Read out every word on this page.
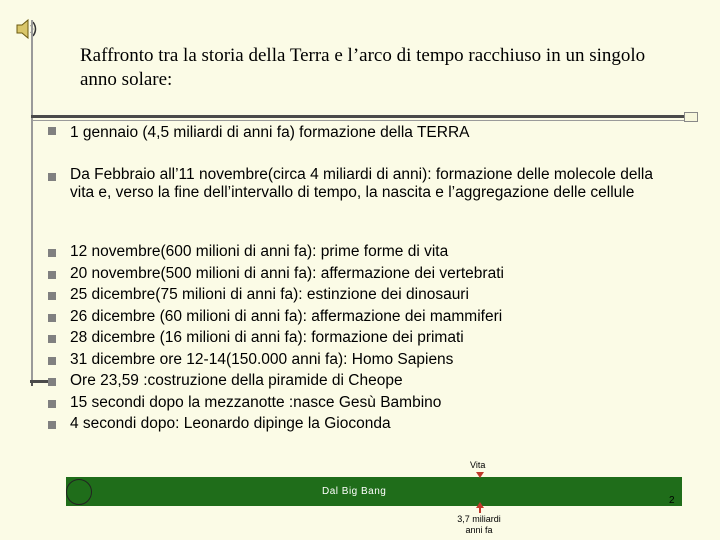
Raffronto tra la storia della Terra e l’arco di tempo racchiuso in un singolo anno solare:
1 gennaio (4,5 miliardi di anni fa) formazione della TERRA
Da Febbraio all’11 novembre(circa 4 miliardi di anni): formazione delle molecole della vita e, verso la fine dell’intervallo di tempo, la nascita e l’aggregazione delle cellule
12 novembre(600 milioni di anni fa): prime forme di vita
20 novembre(500 milioni di anni fa): affermazione dei vertebrati
25 dicembre(75 milioni di anni fa): estinzione dei dinosauri
26 dicembre (60 milioni di anni fa): affermazione dei mammiferi
28 dicembre (16 milioni di anni fa): formazione dei primati
31 dicembre ore 12-14(150.000 anni fa): Homo Sapiens
Ore 23,59 :costruzione della piramide di Cheope
15 secondi dopo la mezzanotte :nasce Gesù Bambino
4 secondi dopo: Leonardo dipinge la Gioconda
Dal Big Bang
Vita
3,7 miliardi anni fa
2
